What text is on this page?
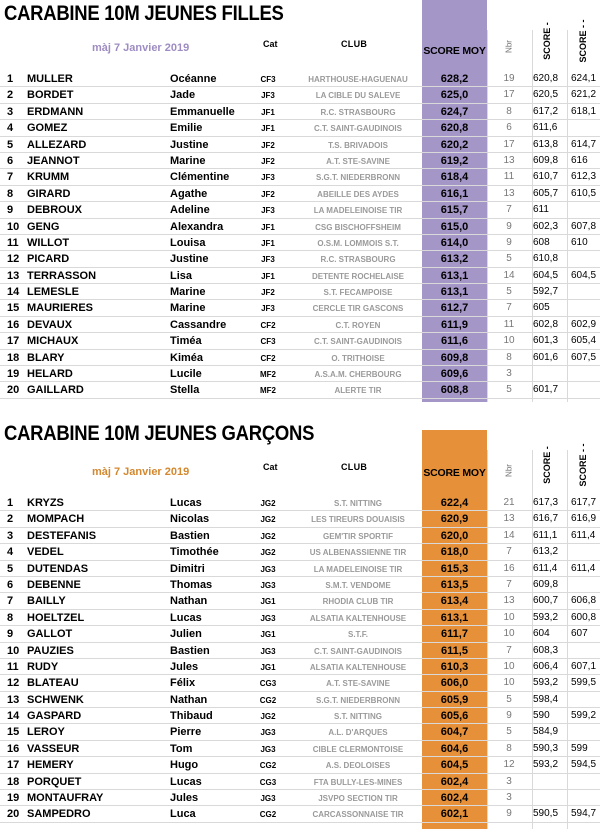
CARABINE 10M JEUNES FILLES
màj 7 Janvier 2019	Cat	CLUB
SCORE MOY Nbr	SCORE -	SCORE - -
1 MULLER	Océanne	CF3	HARTHOUSE-HAGUENAU	628,2	19	620,8	624,1
2 BORDET	Jade	JF3	LA CIBLE DU SALEVE	625,0	17	620,5	621,2
3 ERDMANN	Emmanuelle	JF1	R.C. STRASBOURG	624,7	8	617,2	618,1
4 GOMEZ	Emilie	JF1	C.T. SAINT-GAUDINOIS	620,8	6	611,6
5 ALLEZARD	Justine	JF2	T.S. BRIVADOIS	620,2	17	613,8	614,7
6 JEANNOT	Marine	JF2	A.T. STE-SAVINE	619,2	13	609,8	616
7 KRUMM	Clémentine	JF3	S.G.T. NIEDERBRONN	618,4	11	610,7	612,3
8 GIRARD	Agathe	JF2	ABEILLE DES AYDES	616,1	13	605,7	610,5
9 DEBROUX	Adeline	JF3	LA MADELEINOISE TIR	615,7	7	611
10 GENG	Alexandra	JF1	CSG BISCHOFFSHEIM	615,0	9	602,3	607,8
11 WILLOT	Louisa	JF1	O.S.M. LOMMOIS S.T.	614,0	9	608	610
12 PICARD	Justine	JF3	R.C. STRASBOURG	613,2	5	610,8
13 TERRASSON	Lisa	JF1	DETENTE ROCHELAISE	613,1	14	604,5	604,5
14 LEMESLE	Marine	JF2	S.T. FECAMPOISE	613,1	5	592,7
15 MAURIERES	Marine	JF3	CERCLE TIR GASCONS	612,7	7	605
16 DEVAUX	Cassandre	CF2	C.T. ROYEN	611,9	11	602,8	602,9
17 MICHAUX	Timéa	CF3	C.T. SAINT-GAUDINOIS	611,6	10	601,3	605,4
18 BLARY	Kiméa	CF2	O. TRITHOISE	609,8	8	601,6	607,5
19 HELARD	Lucile	MF2	A.S.A.M. CHERBOURG	609,6	3
20 GAILLARD	Stella	MF2	ALERTE TIR	608,8	5	601,7
CARABINE 10M JEUNES GARÇONS
màj 7 Janvier 2019	Cat	CLUB	SCORE MOY Nbr	SCORE -	SCORE - -
1 KRYZS	Lucas	JG2	S.T. NITTING	622,4	21	617,3	617,7
2 MOMPACH	Nicolas	JG2	LES TIREURS DOUAISIS	620,9	13	616,7	616,9
3 DESTEFANIS	Bastien	JG2	GEM'TIR SPORTIF	620,0	14	611,1	611,4
4 VEDEL	Timothée	JG2	US ALBENASSIENNE TIR	618,0	7	613,2
5 DUTENDAS	Dimitri	JG3	LA MADELEINOISE TIR	615,3	16	611,4	611,4
6 DEBENNE	Thomas	JG3	S.M.T. VENDOME	613,5	7	609,8
7 BAILLY	Nathan	JG1	RHODIA CLUB TIR	613,4	13	600,7	606,8
8 HOELTZEL	Lucas	JG3	ALSATIA KALTENHOUSE	613,1	10	593,2	600,8
9 GALLOT	Julien	JG1	S.T.F.	611,7	10	604	607
10 PAUZIES	Bastien	JG3	C.T. SAINT-GAUDINOIS	611,5	7	608,3
11 RUDY	Jules	JG1	ALSATIA KALTENHOUSE	610,3	10	606,4	607,1
12 BLATEAU	Félix	CG3	A.T. STE-SAVINE	606,0	10	593,2	599,5
13 SCHWENK	Nathan	CG2	S.G.T. NIEDERBRONN	605,9	5	598,4
14 GASPARD	Thibaud	JG2	S.T. NITTING	605,6	9	590	599,2
15 LEROY	Pierre	JG3	A.L. D'ARQUES	604,7	5	584,9
16 VASSEUR	Tom	JG3	CIBLE CLERMONTOISE	604,6	8	590,3	599
17 HEMERY	Hugo	CG2	A.S. DEOLOISES	604,5	12	593,2	594,5
18 PORQUET	Lucas	CG3	FTA BULLY-LES-MINES	602,4	3
19 MONTAUFRAY	Jules	JG3	JSVPO SECTION TIR	602,4	3
20 SAMPEDRO	Luca	CG2	CARCASSONNAISE TIR	602,1	9	590,5	594,7
